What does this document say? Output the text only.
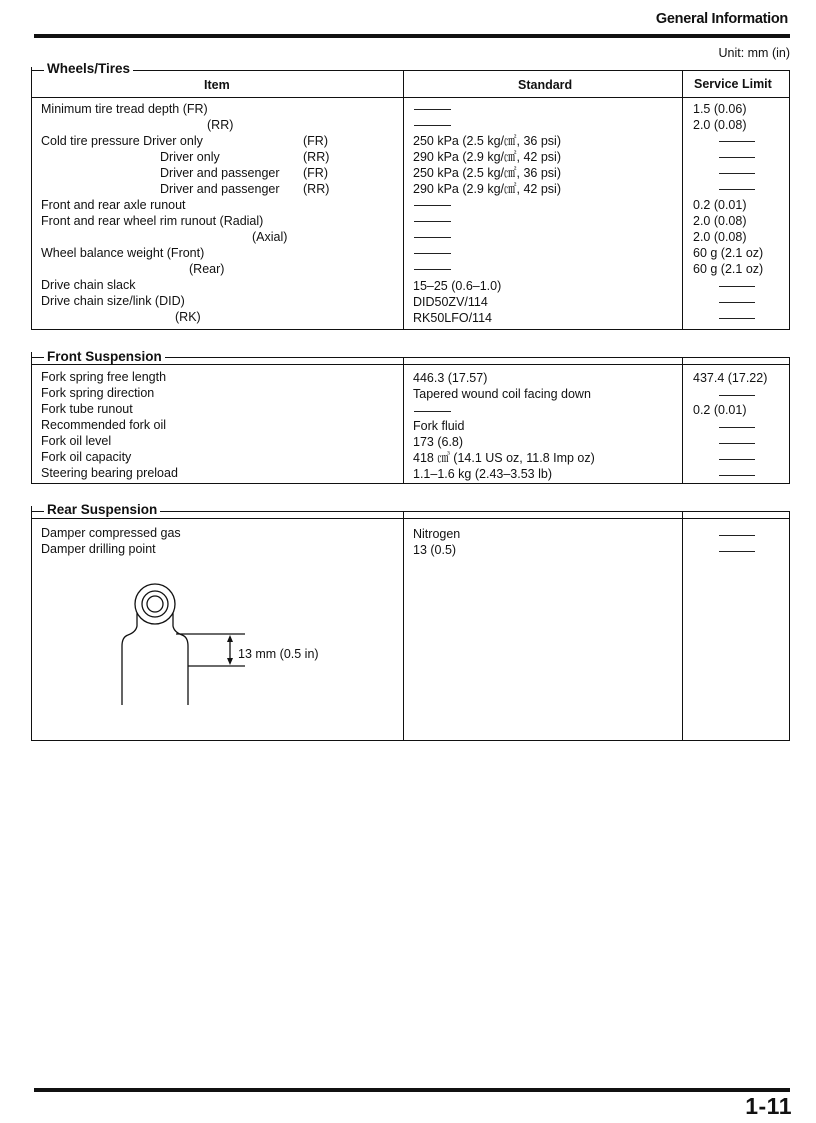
General Information
Unit: mm (in)
Wheels/Tires
Item	Standard	Service Limit
Minimum tire tread depth (FR)
(RR)
Cold tire pressure Driver only
Driver only
Driver and passenger
Driver and passenger
(FR)
(RR)
(FR)
(RR)
Front and rear axle runout
Front and rear wheel rim runout (Radial)
(Axial)
Wheel balance weight (Front)
(Rear)
Drive chain slack
Drive chain size/link (DID)
(RK)
250 kPa (2.5 kg/㎠, 36 psi)
290 kPa (2.9 kg/㎠, 42 psi)
250 kPa (2.5 kg/㎠, 36 psi)
290 kPa (2.9 kg/㎠, 42 psi)
15–25 (0.6–1.0)
DID50ZV/114
RK50LFO/114
1.5 (0.06)
2.0 (0.08)
0.2 (0.01)
2.0 (0.08)
2.0 (0.08)
60 g (2.1 oz)
60 g (2.1 oz)
Front Suspension
Fork spring free length
Fork spring direction
Fork tube runout
Recommended fork oil
Fork oil level
Fork oil capacity
Steering bearing preload
446.3 (17.57)
Tapered wound coil facing down
Fork fluid
173 (6.8)
418 ㎤ (14.1 US oz, 11.8 Imp oz)
1.1–1.6 kg (2.43–3.53 lb)
437.4 (17.22)
0.2 (0.01)
Rear Suspension
Damper compressed gas
Damper drilling point
Nitrogen
13 (0.5)
13 mm (0.5 in)
1-11
